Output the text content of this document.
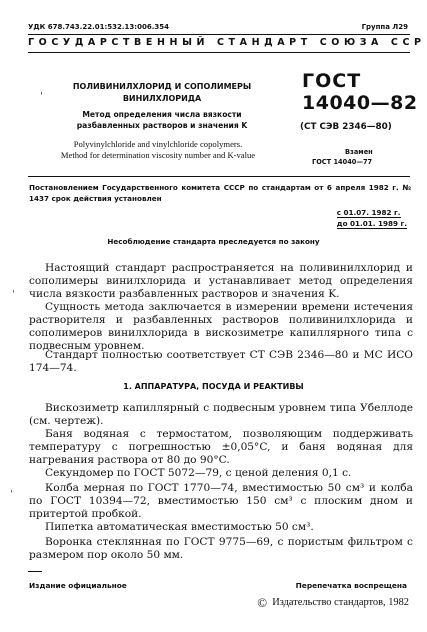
УДК 678.743.22.01:532.13:006.354	Группа Л29
ГОСУДАРСТВЕННЫЙ СТАНДАРТ СОЮЗА ССР
ПОЛИВИНИЛХЛОРИД И СОПОЛИМЕРЫ
ВИНИЛХЛОРИДА
Метод определения числа вязкости
разбавленных растворов и значения K
Polyvinylchloride and vinylchloride copolymers.
Method for determination viscosity number and K-value
ГОСТ
14040—82
(СТ СЭВ 2346—80)
Взамен
ГОСТ 14040—77
Постановлением Государственного комитета СССР по стандартам от 6 апреля 1982 г. № 1437 срок действия установлен
с 01.07. 1982 г.
до 01.01. 1989 г.
Несоблюдение стандарта преследуется по закону

Настоящий стандарт распространяется на поливинилхлорид и сополимеры винилхлорида и устанавливает метод определения числа вязкости разбавленных растворов и значения K.

Сущность метода заключается в измерении времени истечения растворителя и разбавленных растворов поливинилхлорида и сополимеров винилхлорида в вискозиметре капиллярного типа с подвесным уровнем.

Стандарт полностью соответствует СТ СЭВ 2346—80 и МС ИСО 174—74.

1. АППАРАТУРА, ПОСУДА И РЕАКТИВЫ

Вискозиметр капиллярный с подвесным уровнем типа Убеллоде (см. чертеж).

Баня водяная с термостатом, позволяющим поддерживать температуру с погрешностью ±0,05°C, и баня водяная для нагревания раствора от 80 до 90°C.

Секундомер по ГОСТ 5072—79, с ценой деления 0,1 с.

Колба мерная по ГОСТ 1770—74, вместимостью 50 см³ и колба по ГОСТ 10394—72, вместимостью 150 см³ с плоским дном и притертой пробкой.

Пипетка автоматическая вместимостью 50 см³.

Воронка стеклянная по ГОСТ 9775—69, с пористым фильтром с размером пор около 50 мм.

ˈ
ˈ
ˈ
Издание официальное	Перепечатка воспрещена
© Издательство стандартов, 1982
